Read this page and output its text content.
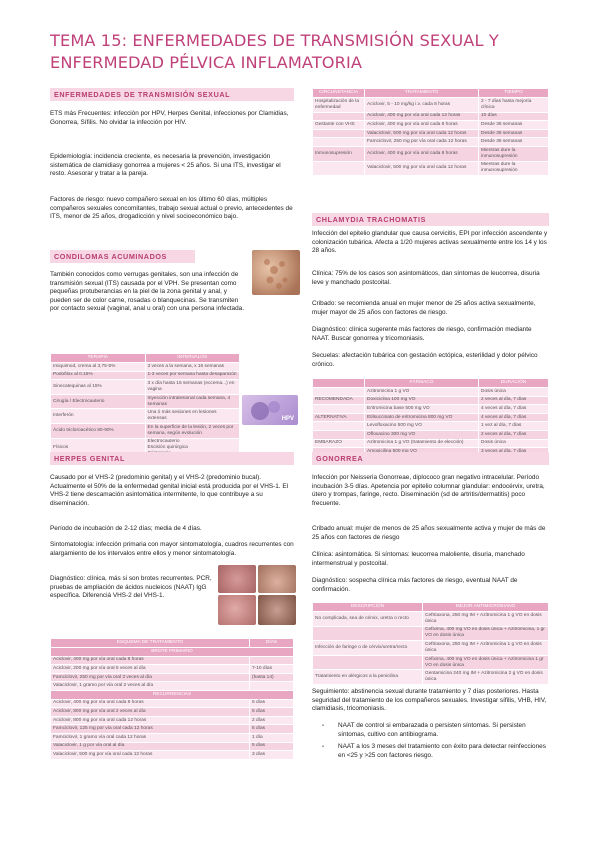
TEMA 15: ENFERMEDADES DE TRANSMISIÓN SEXUAL Y ENFERMEDAD PÉLVICA INFLAMATORIA
ENFERMEDADES DE TRANSMISIÓN SEXUAL
ETS más Frecuentes: infección por HPV, Herpes Genital, infecciones por Clamidias, Gonorrea, Sífilis. No olvidar la infección por HIV.
Epidemiología: incidencia creciente, es necesaria la prevención, investigación sistemática de clamidiasy gonorrea a mujeres < 25 años. Si una ITS, investigar el resto. Asesorar y tratar a la pareja.
Factores de riesgo: nuevo compañero sexual en los último 60 días, múltiples compañeros sexuales concomitantes, trabajo sexual actual o previo, antecedentes de ITS, menor de 25 años, drogadicción y nivel socioeconómico bajo.
CONDILOMAS ACUMINADOS
También conocidos como verrugas genitales, son una infección de transmisión sexual (ITS) causada por el VPH. Se presentan como pequeñas protuberancias en la piel de la zona genital y anal, y pueden ser de color carne, rosadas o blanquecinas. Se transmiten por contacto sexual (vaginal, anal u oral) con una persona infectada.
TERAPIA	INTERVALOS
Imiquimod, crema al 3,75-5%	3 veces a la semana, x 16 semanas
Podofilox al 0.15%	1-3 veces por semana hasta desaparición
Sinecatequinas al 15%	3 x día hasta 16 semanas (eccema...) en vagina
Cirugía / Electrocauterio	Inyección intralesional cada semana, 4 semanas
Interferón	Una ó más sesiones en lesiones extensas
Ácido tricloroacético 80-90%	En la superficie de la lesión, 2 veces por semana, según evolución
Físicos	Electrocauterio
Escisión quirúrgica

HPV
HERPES GENITAL
Causado por el VHS-2 (predominio genital) y el VHS-2 (predominio bucal). Actualmente el 50% de la enfermedad genital inicial está producida por el VHS-1. El VHS-2 tiene descamación asintomática intermitente, lo que contribuye a su diseminación.
Período de incubación de 2-12 días; media de 4 días.
Sintomatología: infección primaria con mayor sintomatología, cuadros recurrentes con alargamiento de los intervalos entre ellos y menor sintomatología.
Diagnóstico: clínica, más si son brotes recurrentes. PCR, pruebas de ampliación de ácidos nucleicos (NAAT) IgG específica. Diferenciá VHS-2 del VHS-1.
ESQUEMA DE TRATAMIENTO	DÍAS
BROTE PRIMARIO	
Aciclovir, 400 mg por vía oral cada 8 horas	
Aciclovir, 200 mg por vía oral 5 veces al día	7-10 días
Famciclovir, 250 mg por vía oral 3 veces al día	(hasta 14)
Valaciclovir, 1 gramo por vía oral 2 veces al día	
RECURRENCIAS	
Aciclovir, 400 mg por vía oral cada 8 horas	5 días
Aciclovir, 800 mg por vía oral 2 veces al día	5 días
Aciclovir, 800 mg por vía oral cada 12 horas	2 días
Famciclovir, 125 mg por vía oral cada 12 horas	5 días
Famciclovir, 1 gramo vía oral cada 12 horas	1 día
Valaciclovir, 1 g por vía oral al día	5 días
Valaciclovir, 500 mg por vía oral cada 12 horas	3 días
CIRCUNSTANCIA	TRATAMIENTO	TIEMPO
Hospitalización de la enfermedad	Aciclovir, 5 - 10 mg/kg i.v. cada 8 horas	2 - 7 días hasta mejoría clínica
	Aciclovir, 400 mg por vía oral cada 12 horas	10 días
Gestante con VHS	Aciclovir, 400 mg por vía oral cada 8 horas	Desde 36 semanas
	Valaciclovir, 500 mg por vía oral cada 12 horas	Desde 36 semanas
	Famciclovir, 250 mg por vía oral cada 12 horas	Desde 36 semanas
Inmunosupresión	Aciclovir, 400 mg por vía oral cada 8 horas	Mientras dure la inmunosupresión
	Valaciclovir, 500 mg por vía oral cada 12 horas	Mientras dure la inmunosupresión
CHLAMYDIA TRACHOMATIS
Infección del epitelio glandular que causa cervicitis, EPI por infección ascendente y colonización tubárica. Afecta a 1/20 mujeres activas sexualmente entre los 14 y los 28 años.
Clínica: 75% de los casos son asintomáticos, dan síntomas de leucorrea, disuria leve y manchado postcoital.
Cribado: se recomienda anual en mujer menor de 25 años activa sexualmente, mujer mayor de 25 años con factores de riesgo.
Diagnóstico: clínica sugerente más factores de riesgo, confirmación mediante NAAT. Buscar gonorrea y tricomoniasis.
Secuelas: afectación tubárica con gestación ectópica, esterilidad y dolor pélvico crónico.
	FÁRMACO	DURACIÓN
	Azitromicina 1 g VO	Dosis única
RECOMENDADA	Doxiciclina 100 mg VO	2 veces al día, 7 días
	Eritromicina base 500 mg VO	4 veces al día, 7 días
ALTERNATIVA	Etilsuccinato de eritromicina 800 mg VO	4 veces al día, 7 días
	Levofloxacino 500 mg VO	1 vez al día, 7 días
	Ofloxacino 300 mg VO	2 veces al día, 7 días
EMBARAZO	Azitromicina 1 g VO (tratamiento de elección)	Dosis única

GONORREA
Infección por Neisseria Gonorreae, diplococo gran negativo intracelular. Período incubación 3-5 días. Apetencia por epitelio columnar glandular: endocérvix, uretra, útero y trompas, faringe, recto. Diseminación (sd de artritis/dermatitis) poco frecuente.
Cribado anual: mujer de menos de 25 años sexualmente activa y mujer de más de 25 años con factores de riesgo
Clínica: asintomática. Si síntomas: leucorrea maloliente, disuria, manchado intermenstrual y postcoital.
Diagnóstico: sospecha clínica más factores de riesgo, eventual NAAT de confirmación.
DESCRIPCIÓN	MEJOR ANTIMICROBIANO
No complicada, sea de cérvix, uretra o recto	Ceftriaxona, 250 mg IM + Azitromicina 1 g VO en dosis única
	Cefixima, 400 mg VO en dosis única + Azitromicina, 1 gr VO en dosis única
Infección de faringe o de cérvix/uretra/recto	Ceftriaxona, 250 mg IM + Azitromicina 1 g VO en dosis única
	Cefixima, 400 mg VO en dosis única + Azitromicina 1 gr VO en dosis única
Tratamiento en alérgicos a la penicilina	Gentamicina 240 mg IM + Azitromicina 2 g VO en dosis única
Seguimiento: abstinencia sexual durante tratamiento y 7 días posteriores. Hasta seguridad del tratamiento de los compañeros sexuales. Investigar sífilis, VHB, HIV, clamidiasis, tricomoniasis.
- NAAT de control si embarazada o persisten síntomas. Si persisten síntomas, cultivo con antibiograma.
- NAAT a los 3 meses del tratamiento con éxito para detectar reinfecciones en <25 y >25 con factores riesgo.
